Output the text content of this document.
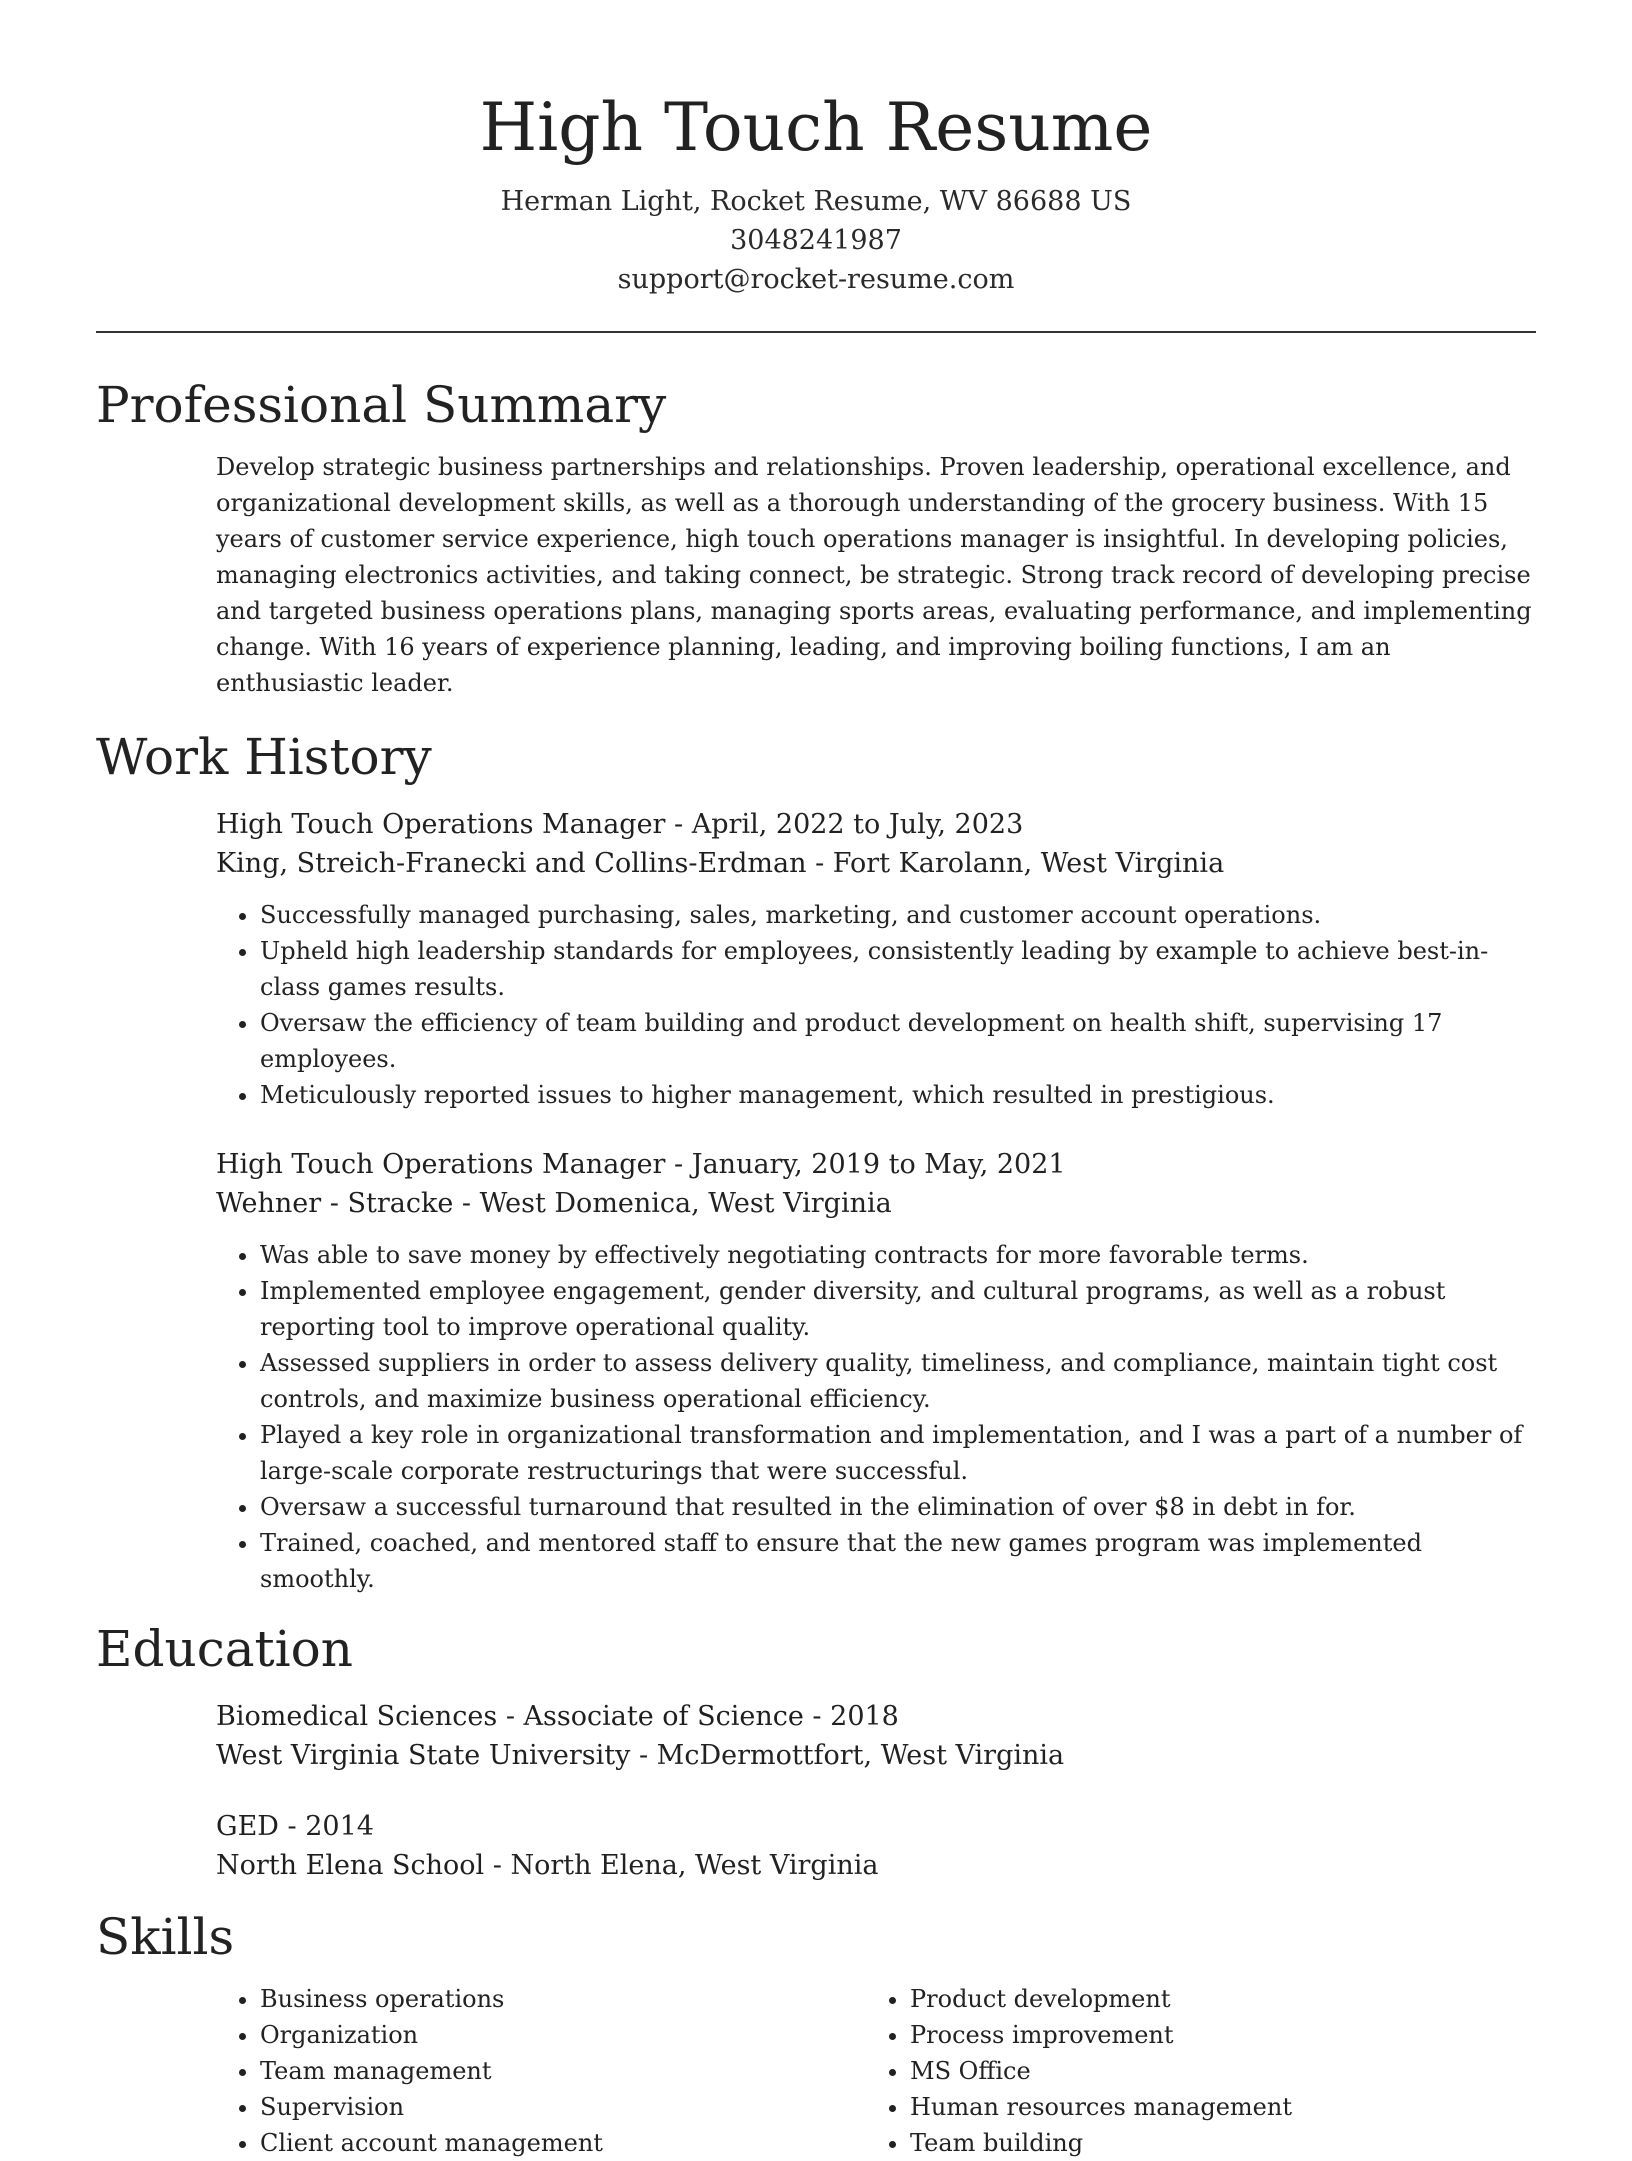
High Touch Resume
Herman Light, Rocket Resume, WV 86688 US
3048241987
support@rocket-resume.com
Professional Summary

Develop strategic business partnerships and relationships. Proven leadership, operational excellence, and organizational development skills, as well as a thorough understanding of the grocery business. With 15 years of customer service experience, high touch operations manager is insightful. In developing policies, managing electronics activities, and taking connect, be strategic. Strong track record of developing precise and targeted business operations plans, managing sports areas, evaluating performance, and implementing change. With 16 years of experience planning, leading, and improving boiling functions, I am an enthusiastic leader.

Work History
High Touch Operations Manager - April, 2022 to July, 2023
King, Streich-Franecki and Collins-Erdman - Fort Karolann, West Virginia
• Successfully managed purchasing, sales, marketing, and customer account operations.
• Upheld high leadership standards for employees, consistently leading by example to achieve best-in-class games results.
• Oversaw the efficiency of team building and product development on health shift, supervising 17 employees.
• Meticulously reported issues to higher management, which resulted in prestigious.
High Touch Operations Manager - January, 2019 to May, 2021
Wehner - Stracke - West Domenica, West Virginia
• Was able to save money by effectively negotiating contracts for more favorable terms.
• Implemented employee engagement, gender diversity, and cultural programs, as well as a robust reporting tool to improve operational quality.
• Assessed suppliers in order to assess delivery quality, timeliness, and compliance, maintain tight cost controls, and maximize business operational efficiency.
• Played a key role in organizational transformation and implementation, and I was a part of a number of large-scale corporate restructurings that were successful.
• Oversaw a successful turnaround that resulted in the elimination of over $8 in debt in for.
• Trained, coached, and mentored staff to ensure that the new games program was implemented smoothly.
Education
Biomedical Sciences - Associate of Science - 2018
West Virginia State University - McDermottfort, West Virginia
GED - 2014
North Elena School - North Elena, West Virginia
Skills
• Business operations
• Organization
• Team management
• Supervision
• Client account management
• Product development
• Process improvement
• MS Office
• Human resources management
• Team building
